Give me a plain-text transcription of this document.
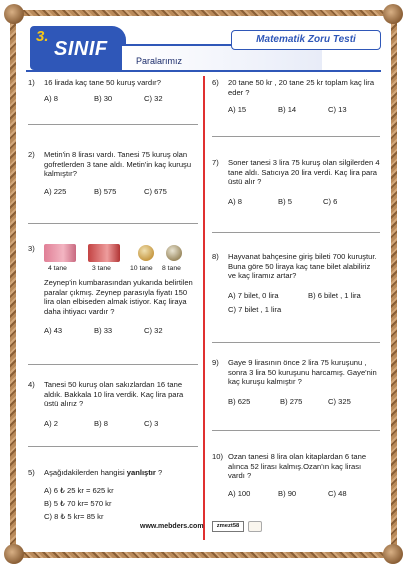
3.
SINIF
Paralarımız
Matematik Zoru Testi
1) 16 lirada kaç tane 50 kuruş vardır?
A) 8	B) 30	C) 32
2) Metin'in 8 lirası vardı. Tanesi 75 kuruş olan gofretlerden 3 tane aldı. Metin'in kaç kuruşu kalmıştır?
A) 225	B) 575	C) 675
3)
4 tane	3 tane	10 tane 8 tane
Zeynep'in kumbarasından yukarıda belirtilen paralar çıkmış. Zeynep parasıyla fiyatı 150 lira olan elbiseden almak istiyor. Kaç liraya daha ihtiyacı vardır ?
A) 43	B) 33	C) 32
4) Tanesi 50 kuruş olan sakızlardan 16 tane aldık. Bakkala 10 lira verdik. Kaç lira para üstü alırız ?
A) 2	B) 8	C) 3
5) Aşağıdakilerden hangisi yanlıştır ?
A) 6 ₺ 25 kr = 625 kr
B) 5 ₺ 70 kr= 570 kr
C) 8 ₺ 5 kr= 85 kr
6) 20 tane 50 kr , 20 tane 25 kr toplam kaç lira eder ?
A) 15	B) 14	C) 13
7) Soner tanesi 3 lira 75 kuruş olan silgilerden 4 tane aldı. Satıcıya 20 lira verdi. Kaç lira para üstü alır ?
A) 8	B) 5	C) 6
8) Hayvanat bahçesine giriş bileti 700 kuruştur. Buna göre 50 liraya kaç tane bilet alabiliriz ve kaç liramız artar?
A) 7 bilet, 0 lira	B) 6 bilet , 1 lira
C) 7 bilet , 1 lira
9) Gaye 9 lirasının önce 2 lira 75 kuruşunu , sonra 3 lira 50 kuruşunu harcamış. Gaye'nin kaç kuruşu kalmıştır ?
B) 625	B) 275	C) 325
10) Ozan tanesi 8 lira olan kitaplardan 6 tane alınca 52 lirası kalmış.Ozan'ın kaç lirası vardı ?
A) 100	B) 90	C) 48
www.mebders.com	zmezt58
